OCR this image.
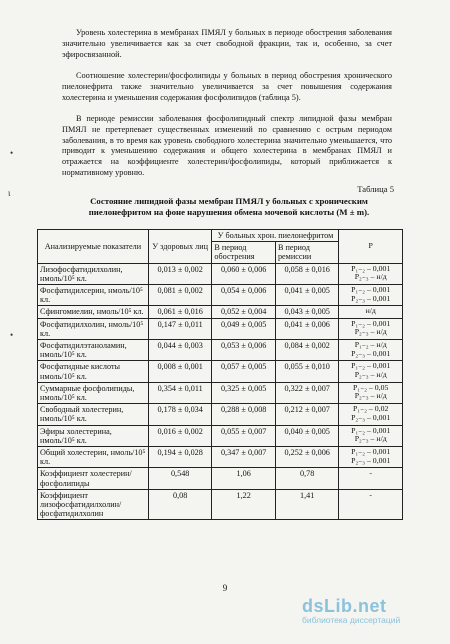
Уровень холестерина в мембранах ПМЯЛ у больных в периоде обострения заболевания значительно увеличивается как за счет свободной фракции, так и, особенно, за счет эфиросвязанной.
Соотношение холестерин/фосфолипиды у больных в период обострения хронического пиелонефрита также значительно увеличивается за счет повышения содержания холестерина и уменьшения содержания фосфолипидов (таблица 5).
В периоде ремиссии заболевания фосфолипидный спектр липидной фазы мембран ПМЯЛ не претерпевает существенных изменений по сравнению с острым периодом заболевания, в то время как уровень свободного холестерина значительно уменьшается, что приводит к уменьшению содержания и общего холестерина в мембранах ПМЯЛ и отражается на коэффициенте холестерин/фосфолипиды, который приближается к нормативному уровню.
•
ι
•
Таблица 5
Состояние липидной фазы мембран ПМЯЛ у больных с хроническим пиелонефритом на фоне нарушения обмена мочевой кислоты (М ± m).
Анализируемые показатели	У здоровых лиц	У больных хрон. пиелонефритом		Р
		В период обострения	В период ремиссии	
Лизофосфатидилхолин, нмоль/10⁵ кл.	0,013 ± 0,002	0,060 ± 0,006	0,058 ± 0,016	Р₁₋₂ – 0,001
Р₂₋₃ – н/д

Фосфатидилсерин, нмоль/10⁵ кл.	0,081 ± 0,002	0,054 ± 0,006	0,041 ± 0,005	Р₁₋₂ – 0,001
Р₂₋₃ – 0,001

Сфингомиелин, нмоль/10⁵ кл.	0,061 ± 0,016	0,052 ± 0,004	0,043 ± 0,005	н/д

Фосфатидилхолин, нмоль/10⁵ кл.	0,147 ± 0,011	0,049 ± 0,005	0,041 ± 0,006	Р₁₋₂ – 0,001
Р₂₋₃ – н/д

Фосфатидилэтаноламин, нмоль/10⁵ кл.	0,044 ± 0,003	0,053 ± 0,006	0,084 ± 0,002	Р₁₋₂ – н/д
Р₂₋₃ – 0,001

Фосфатидные кислоты нмоль/10⁵ кл.	0,008 ± 0,001	0,057 ± 0,005	0,055 ± 0,010	Р₁₋₂ – 0,001
Р₂₋₃ – н/д

Суммарные фосфолипиды, нмоль/10⁵ кл.	0,354 ± 0,011	0,325 ± 0,005	0,322 ± 0,007	Р₁₋₂ – 0,05
Р₂₋₃ – н/д

Свободный холестерин, нмоль/10⁵ кл.	0,178 ± 0,034	0,288 ± 0,008	0,212 ± 0,007	Р₁₋₂ – 0,02
Р₂₋₃ – 0,001

Эфиры холестерина, нмоль/10⁵ кл.	0,016 ± 0,002	0,055 ± 0,007	0,040 ± 0,005	Р₁₋₂ – 0,001
Р₂₋₃ – н/д

Общий холестерин, нмоль/10⁵ кл.	0,194 ± 0,028	0,347 ± 0,007	0,252 ± 0,006	Р₁₋₂ – 0,001
Р₂₋₃ – 0,001

Коэффициент холестерин/фосфолипиды	0,548	1,06	0,78	-

Коэффициент лизофосфатидилхолин/ фосфатидилхолин	0,08	1,22	1,41	-
9
dsLib.net
библиотека диссертаций
